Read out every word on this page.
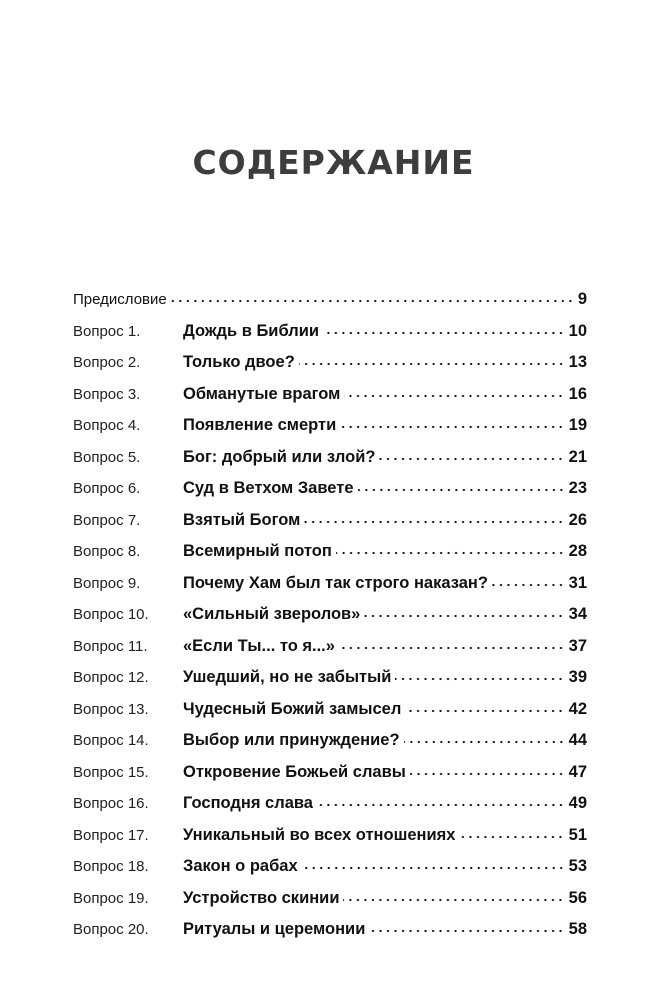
СОДЕРЖАНИЕ
Предисловие	9
Вопрос 1.	Дождь в Библии	10
Вопрос 2.	Только двое?	13
Вопрос 3.	Обманутые врагом	16
Вопрос 4.	Появление смерти	19
Вопрос 5.	Бог: добрый или злой?	21
Вопрос 6.	Суд в Ветхом Завете	23
Вопрос 7.	Взятый Богом	26
Вопрос 8.	Всемирный потоп	28
Вопрос 9.	Почему Хам был так строго наказан?	31
Вопрос 10.	«Сильный зверолов»	34
Вопрос 11.	«Если Ты... то я...»	37
Вопрос 12.	Ушедший, но не забытый	39
Вопрос 13.	Чудесный Божий замысел	42
Вопрос 14.	Выбор или принуждение?	44
Вопрос 15.	Откровение Божьей славы	47
Вопрос 16.	Господня слава	49
Вопрос 17.	Уникальный во всех отношениях	51
Вопрос 18.	Закон о рабах	53
Вопрос 19.	Устройство скинии	56
Вопрос 20.	Ритуалы и церемонии	58
